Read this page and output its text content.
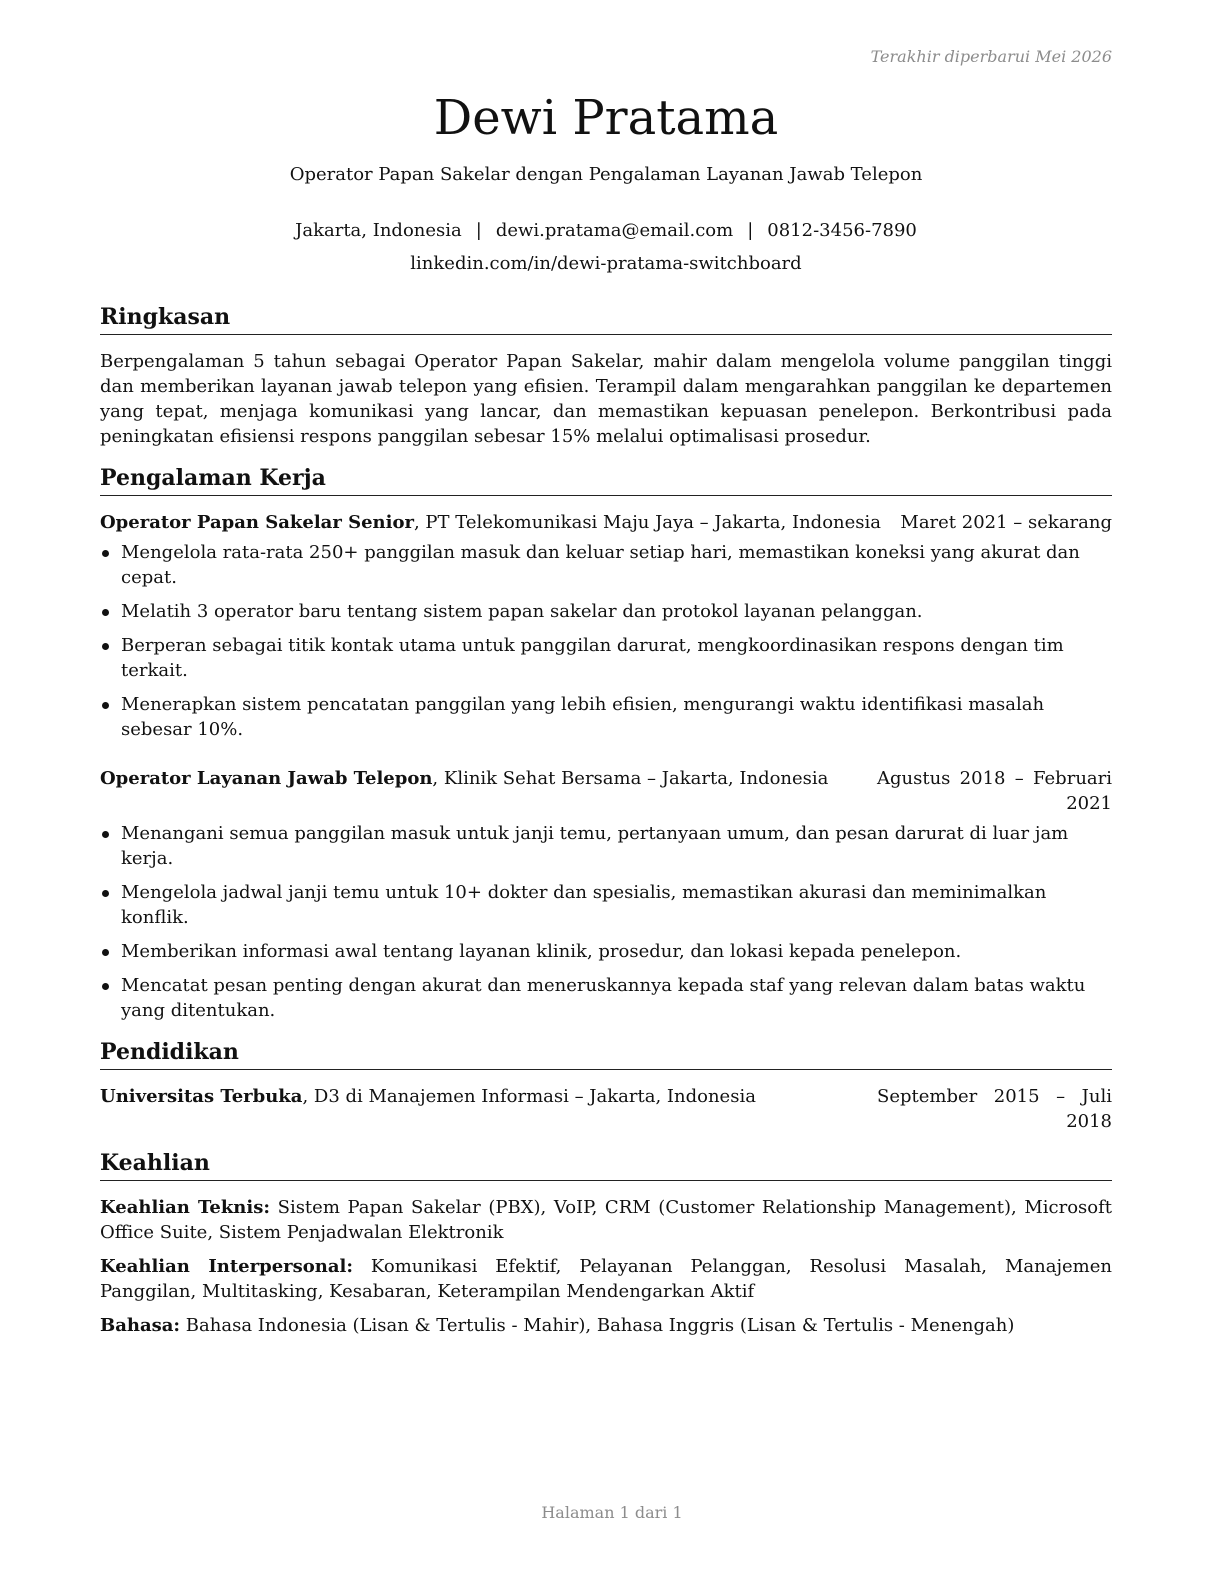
Terakhir diperbarui Mei 2026
Dewi Pratama
Operator Papan Sakelar dengan Pengalaman Layanan Jawab Telepon
Jakarta, Indonesia | dewi.pratama@email.com | 0812-3456-7890
linkedin.com/in/dewi-pratama-switchboard
Ringkasan

Berpengalaman 5 tahun sebagai Operator Papan Sakelar, mahir dalam mengelola volume panggilan tinggi dan memberikan layanan jawab telepon yang efisien. Terampil dalam mengarahkan panggilan ke departemen yang tepat, menjaga komunikasi yang lancar, dan memastikan kepuasan penelepon. Berkontribusi pada peningkatan efisiensi respons panggilan sebesar 15% melalui optimalisasi prosedur.

Pengalaman Kerja
Operator Papan Sakelar Senior, PT Telekomunikasi Maju Jaya – Jakarta, Indonesia	Maret 2021 – sekarang
Mengelola rata-rata 250+ panggilan masuk dan keluar setiap hari, memastikan koneksi yang akurat dan cepat.
Melatih 3 operator baru tentang sistem papan sakelar dan protokol layanan pelanggan.
Berperan sebagai titik kontak utama untuk panggilan darurat, mengkoordinasikan respons dengan tim terkait.
Menerapkan sistem pencatatan panggilan yang lebih efisien, mengurangi waktu identifikasi masalah sebesar 10%.
Operator Layanan Jawab Telepon, Klinik Sehat Bersama – Jakarta, Indonesia	Agustus 2018 – Februari 2021
Menangani semua panggilan masuk untuk janji temu, pertanyaan umum, dan pesan darurat di luar jam kerja.
Mengelola jadwal janji temu untuk 10+ dokter dan spesialis, memastikan akurasi dan meminimalkan konflik.
Memberikan informasi awal tentang layanan klinik, prosedur, dan lokasi kepada penelepon.
Mencatat pesan penting dengan akurat dan meneruskannya kepada staf yang relevan dalam batas waktu yang ditentukan.
Pendidikan
Universitas Terbuka, D3 di Manajemen Informasi – Jakarta, Indonesia	September 2015 – Juli 2018
Keahlian

Keahlian Teknis: Sistem Papan Sakelar (PBX), VoIP, CRM (Customer Relationship Management), Microsoft Office Suite, Sistem Penjadwalan Elektronik

Keahlian Interpersonal: Komunikasi Efektif, Pelayanan Pelanggan, Resolusi Masalah, Manajemen Panggilan, Multitasking, Kesabaran, Keterampilan Mendengarkan Aktif

Bahasa: Bahasa Indonesia (Lisan & Tertulis - Mahir), Bahasa Inggris (Lisan & Tertulis - Menengah)

Halaman 1 dari 1
